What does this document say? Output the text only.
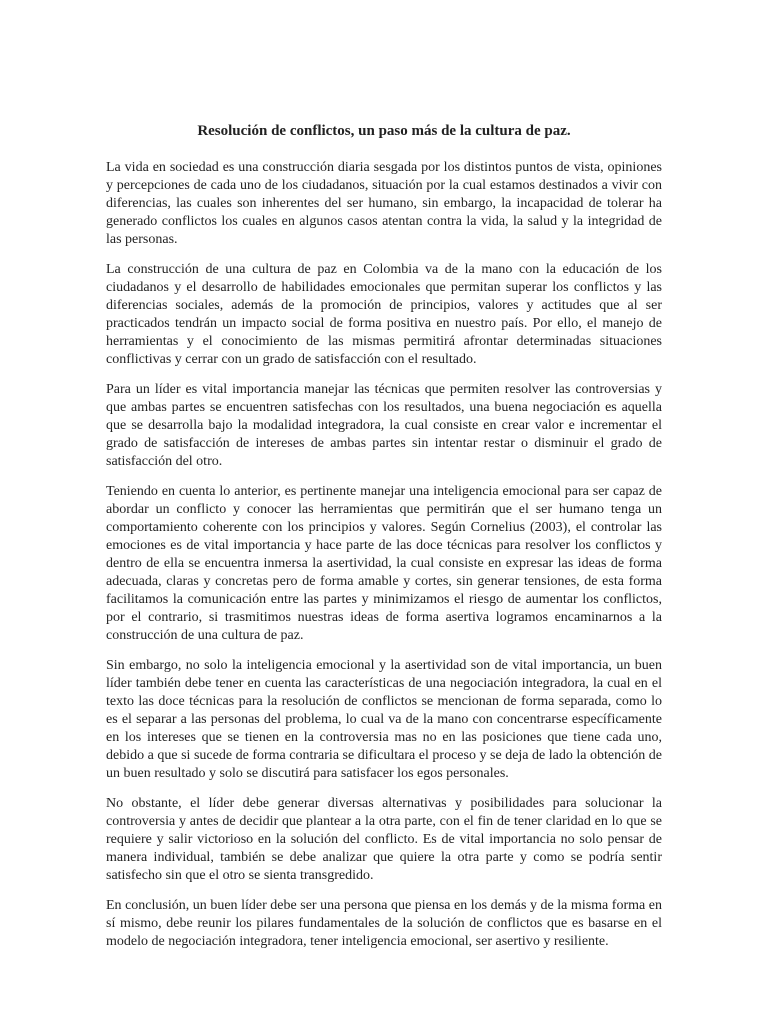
Resolución de conflictos, un paso más de la cultura de paz.

La vida en sociedad es una construcción diaria sesgada por los distintos puntos de vista, opiniones y percepciones de cada uno de los ciudadanos, situación por la cual estamos destinados a vivir con diferencias, las cuales son inherentes del ser humano, sin embargo, la incapacidad de tolerar ha generado conflictos los cuales en algunos casos atentan contra la vida, la salud y la integridad de las personas.

La construcción de una cultura de paz en Colombia va de la mano con la educación de los ciudadanos y el desarrollo de habilidades emocionales que permitan superar los conflictos y las diferencias sociales, además de la promoción de principios, valores y actitudes que al ser practicados tendrán un impacto social de forma positiva en nuestro país. Por ello, el manejo de herramientas y el conocimiento de las mismas permitirá afrontar determinadas situaciones conflictivas y cerrar con un grado de satisfacción con el resultado.

Para un líder es vital importancia manejar las técnicas que permiten resolver las controversias y que ambas partes se encuentren satisfechas con los resultados, una buena negociación es aquella que se desarrolla bajo la modalidad integradora, la cual consiste en crear valor e incrementar el grado de satisfacción de intereses de ambas partes sin intentar restar o disminuir el grado de satisfacción del otro.

Teniendo en cuenta lo anterior, es pertinente manejar una inteligencia emocional para ser capaz de abordar un conflicto y conocer las herramientas que permitirán que el ser humano tenga un comportamiento coherente con los principios y valores. Según Cornelius (2003), el controlar las emociones es de vital importancia y hace parte de las doce técnicas para resolver los conflictos y dentro de ella se encuentra inmersa la asertividad, la cual consiste en expresar las ideas de forma adecuada, claras y concretas pero de forma amable y cortes, sin generar tensiones, de esta forma facilitamos la comunicación entre las partes y minimizamos el riesgo de aumentar los conflictos, por el contrario, si trasmitimos nuestras ideas de forma asertiva logramos encaminarnos a la construcción de una cultura de paz.

Sin embargo, no solo la inteligencia emocional y la asertividad son de vital importancia, un buen líder también debe tener en cuenta las características de una negociación integradora, la cual en el texto las doce técnicas para la resolución de conflictos se mencionan de forma separada, como lo es el separar a las personas del problema, lo cual va de la mano con concentrarse específicamente en los intereses que se tienen en la controversia mas no en las posiciones que tiene cada uno, debido a que si sucede de forma contraria se dificultara el proceso y se deja de lado la obtención de un buen resultado y solo se discutirá para satisfacer los egos personales.

No obstante, el líder debe generar diversas alternativas y posibilidades para solucionar la controversia y antes de decidir que plantear a la otra parte, con el fin de tener claridad en lo que se requiere y salir victorioso en la solución del conflicto. Es de vital importancia no solo pensar de manera individual, también se debe analizar que quiere la otra parte y como se podría sentir satisfecho sin que el otro se sienta transgredido.

En conclusión, un buen líder debe ser una persona que piensa en los demás y de la misma forma en sí mismo, debe reunir los pilares fundamentales de la solución de conflictos que es basarse en el modelo de negociación integradora, tener inteligencia emocional, ser asertivo y resiliente.
